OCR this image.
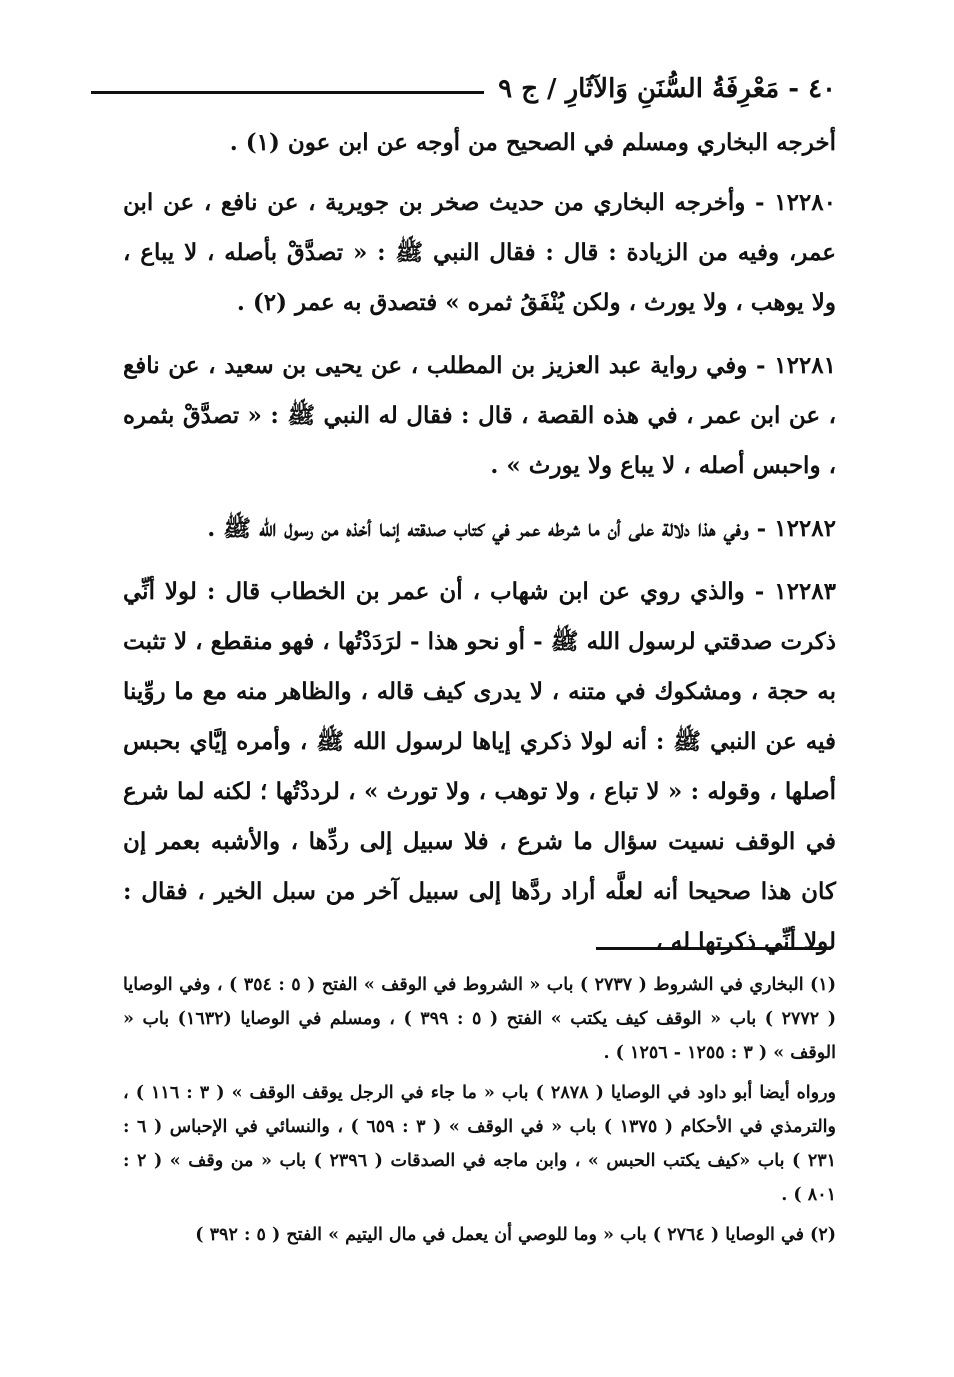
٤٠ - مَعْرِفَةُ السُّنَنِ وَالآثَارِ / ج ٩

أخرجه البخاري ومسلم في الصحيح من أوجه عن ابن عون (١) .

١٢٢٨٠ - وأخرجه البخاري من حديث صخر بن جويرية ، عن نافع ، عن ابن عمر، وفيه من الزيادة : قال : فقال النبي ﷺ : « تصدَّقْ بأصله ، لا يباع ، ولا يوهب ، ولا يورث ، ولكن يُنْفَقُ ثمره » فتصدق به عمر (٢) .

١٢٢٨١ - وفي رواية عبد العزيز بن المطلب ، عن يحيى بن سعيد ، عن نافع ، عن ابن عمر ، في هذه القصة ، قال : فقال له النبي ﷺ : « تصدَّقْ بثمره ، واحبس أصله ، لا يباع ولا يورث » .

١٢٢٨٢ - وفي هذا دلالة على أن ما شرطه عمر في كتاب صدقته إنما أخذه من رسول الله ﷺ .

١٢٢٨٣ - والذي روي عن ابن شهاب ، أن عمر بن الخطاب قال : لولا أنِّي ذكرت صدقتي لرسول الله ﷺ - أو نحو هذا - لرَدَدْتُها ، فهو منقطع ، لا تثبت به حجة ، ومشكوك في متنه ، لا يدرى كيف قاله ، والظاهر منه مع ما روِّينا فيه عن النبي ﷺ : أنه لولا ذكري إياها لرسول الله ﷺ ، وأمره إيَّاي بحبس أصلها ، وقوله : « لا تباع ، ولا توهب ، ولا تورث » ، لرددْتُها ؛ لكنه لما شرع في الوقف نسيت سؤال ما شرع ، فلا سبيل إلى ردِّها ، والأشبه بعمر إن كان هذا صحيحا أنه لعلَّه أراد ردَّها إلى سبيل آخر من سبل الخير ، فقال : لولا أنِّي ذكرتها له ،

(١) البخاري في الشروط ( ٢٧٣٧ ) باب « الشروط في الوقف » الفتح ( ٥ : ٣٥٤ ) ، وفي الوصايا ( ٢٧٧٢ ) باب « الوقف كيف يكتب » الفتح ( ٥ : ٣٩٩ ) ، ومسلم في الوصايا (١٦٣٢) باب « الوقف » ( ٣ : ١٢٥٥ - ١٢٥٦ ) .

ورواه أيضا أبو داود في الوصايا ( ٢٨٧٨ ) باب « ما جاء في الرجل يوقف الوقف » ( ٣ : ١١٦ ) ، والترمذي في الأحكام ( ١٣٧٥ ) باب « في الوقف » ( ٣ : ٦٥٩ ) ، والنسائي في الإحباس ( ٦ : ٢٣١ ) باب «كيف يكتب الحبس » ، وابن ماجه في الصدقات ( ٢٣٩٦ ) باب « من وقف » ( ٢ : ٨٠١ ) .

(٢) في الوصايا ( ٢٧٦٤ ) باب « وما للوصي أن يعمل في مال اليتيم » الفتح ( ٥ : ٣٩٢ )
